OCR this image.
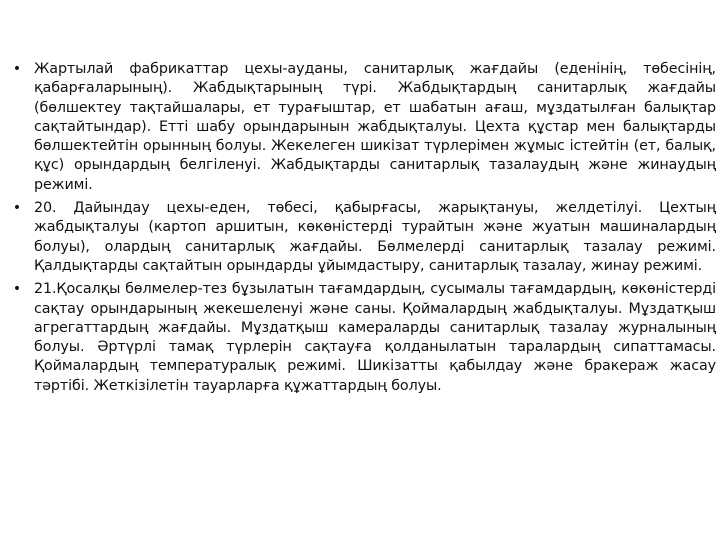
• Жартылай фабрикаттар цехы-ауданы, санитарлық жағдайы (еденінің, төбесінің, қабарғаларының). Жабдықтарының түрі. Жабдықтардың санитарлық жағдайы (бөлшектеу тақтайшалары, ет турағыштар, ет шабатын ағаш, мұздатылған балықтар сақтайтындар). Етті шабу орындарынын жабдықталуы. Цехта құстар мен балықтарды бөлшектейтін орынның болуы. Жекелеген шикізат түрлерімен жұмыс істейтін (ет, балық, құс) орындардың белгіленуі. Жабдықтарды санитарлық тазалаудың және жинаудың режимі.
• 20. Дайындау цехы-еден, төбесі, қабырғасы, жарықтануы, желдетілуі. Цехтың жабдықталуы (картоп аршитын, көкөністерді турайтын және жуатын машиналардың болуы), олардың санитарлық жағдайы. Бөлмелерді санитарлық тазалау режимі. Қалдықтарды сақтайтын орындарды ұйымдастыру, санитарлық тазалау, жинау режимі.
• 21.Қосалқы бөлмелер-тез бұзылатын тағамдардың, сусымалы тағамдардың, көкөністерді сақтау орындарының жекешеленуі және саны. Қоймалардың жабдықталуы. Мұздатқыш агрегаттардың жағдайы. Мұздатқыш камераларды санитарлық тазалау журналының болуы. Әртүрлі тамақ түрлерін сақтауға қолданылатын таралардың сипаттамасы. Қоймалардың температуралық режимі. Шикізатты қабылдау және бракераж жасау тәртібі. Жеткізілетін тауарларға құжаттардың болуы.
